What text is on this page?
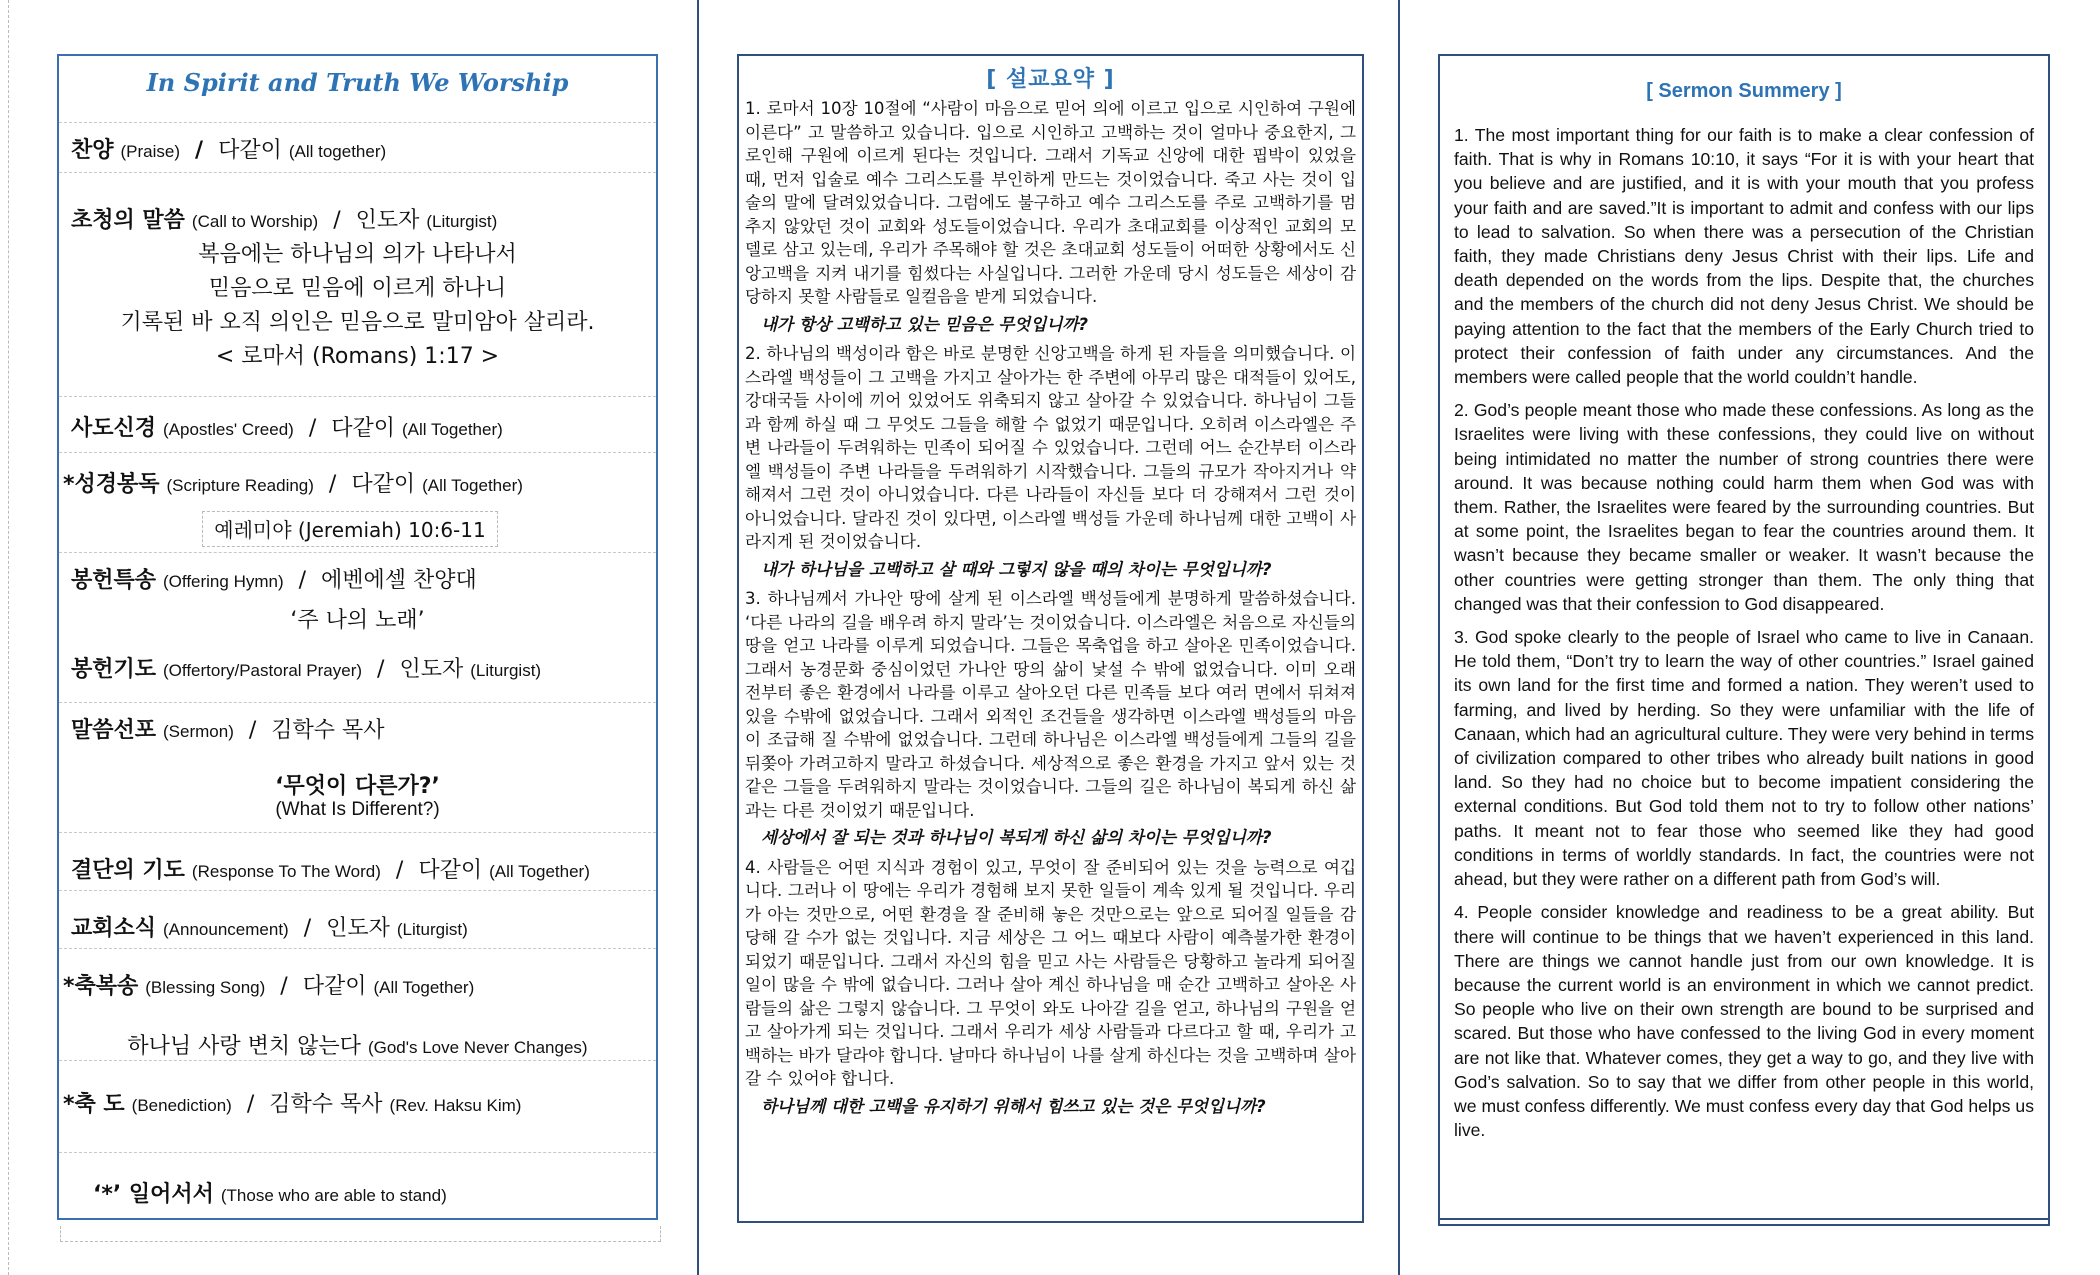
In Spirit and Truth We Worship
찬양 (Praise) / 다같이 (All together)
초청의 말씀 (Call to Worship) / 인도자 (Liturgist)
복음에는 하나님의 의가 나타나서
믿음으로 믿음에 이르게 하나니
기록된 바 오직 의인은 믿음으로 말미암아 살리라.
< 로마서 (Romans) 1:17 >
사도신경 (Apostles' Creed) / 다같이 (All Together)
*성경봉독 (Scripture Reading) / 다같이 (All Together)
예레미야 (Jeremiah) 10:6-11
봉헌특송 (Offering Hymn) / 에벤에셀 찬양대
‘주 나의 노래’
봉헌기도 (Offertory/Pastoral Prayer) / 인도자 (Liturgist)
말씀선포 (Sermon) / 김학수 목사
‘무엇이 다른가?’
(What Is Different?)
결단의 기도 (Response To The Word) / 다같이 (All Together)
교회소식 (Announcement) / 인도자 (Liturgist)
*축복송 (Blessing Song) / 다같이 (All Together)
하나님 사랑 변치 않는다 (God's Love Never Changes)
*축 도 (Benediction) / 김학수 목사 (Rev. Haksu Kim)
‘*’ 일어서서 (Those who are able to stand)
[ 설교요약 ]

1. 로마서 10장 10절에 “사람이 마음으로 믿어 의에 이르고 입으로 시인하여 구원에 이른다” 고 말씀하고 있습니다. 입으로 시인하고 고백하는 것이 얼마나 중요한지, 그로인해 구원에 이르게 된다는 것입니다. 그래서 기독교 신앙에 대한 핍박이 있었을 때, 먼저 입술로 예수 그리스도를 부인하게 만드는 것이었습니다. 죽고 사는 것이 입술의 말에 달려있었습니다. 그럼에도 불구하고 예수 그리스도를 주로 고백하기를 멈추지 않았던 것이 교회와 성도들이었습니다. 우리가 초대교회를 이상적인 교회의 모델로 삼고 있는데, 우리가 주목해야 할 것은 초대교회 성도들이 어떠한 상황에서도 신앙고백을 지켜 내기를 힘썼다는 사실입니다. 그러한 가운데 당시 성도들은 세상이 감당하지 못할 사람들로 일컬음을 받게 되었습니다.

내가 항상 고백하고 있는 믿음은 무엇입니까?

2. 하나님의 백성이라 함은 바로 분명한 신앙고백을 하게 된 자들을 의미했습니다. 이스라엘 백성들이 그 고백을 가지고 살아가는 한 주변에 아무리 많은 대적들이 있어도, 강대국들 사이에 끼어 있었어도 위축되지 않고 살아갈 수 있었습니다. 하나님이 그들과 함께 하실 때 그 무엇도 그들을 해할 수 없었기 때문입니다. 오히려 이스라엘은 주변 나라들이 두려워하는 민족이 되어질 수 있었습니다. 그런데 어느 순간부터 이스라엘 백성들이 주변 나라들을 두려워하기 시작했습니다. 그들의 규모가 작아지거나 약해져서 그런 것이 아니었습니다. 다른 나라들이 자신들 보다 더 강해져서 그런 것이 아니었습니다. 달라진 것이 있다면, 이스라엘 백성들 가운데 하나님께 대한 고백이 사라지게 된 것이었습니다.

내가 하나님을 고백하고 살 때와 그렇지 않을 때의 차이는 무엇입니까?

3. 하나님께서 가나안 땅에 살게 된 이스라엘 백성들에게 분명하게 말씀하셨습니다. ‘다른 나라의 길을 배우려 하지 말라’는 것이었습니다. 이스라엘은 처음으로 자신들의 땅을 얻고 나라를 이루게 되었습니다. 그들은 목축업을 하고 살아온 민족이었습니다. 그래서 농경문화 중심이었던 가나안 땅의 삶이 낯설 수 밖에 없었습니다. 이미 오래 전부터 좋은 환경에서 나라를 이루고 살아오던 다른 민족들 보다 여러 면에서 뒤쳐져 있을 수밖에 없었습니다. 그래서 외적인 조건들을 생각하면 이스라엘 백성들의 마음이 조급해 질 수밖에 없었습니다. 그런데 하나님은 이스라엘 백성들에게 그들의 길을 뒤쫒아 가려고하지 말라고 하셨습니다. 세상적으로 좋은 환경을 가지고 앞서 있는 것 같은 그들을 두려워하지 말라는 것이었습니다. 그들의 길은 하나님이 복되게 하신 삶과는 다른 것이었기 때문입니다.

세상에서 잘 되는 것과 하나님이 복되게 하신 삶의 차이는 무엇입니까?

4. 사람들은 어떤 지식과 경험이 있고, 무엇이 잘 준비되어 있는 것을 능력으로 여깁니다. 그러나 이 땅에는 우리가 경험해 보지 못한 일들이 계속 있게 될 것입니다. 우리가 아는 것만으로, 어떤 환경을 잘 준비해 놓은 것만으로는 앞으로 되어질 일들을 감당해 갈 수가 없는 것입니다. 지금 세상은 그 어느 때보다 사람이 예측불가한 환경이 되었기 때문입니다. 그래서 자신의 힘을 믿고 사는 사람들은 당황하고 놀라게 되어질 일이 많을 수 밖에 없습니다. 그러나 살아 계신 하나님을 매 순간 고백하고 살아온 사람들의 삶은 그렇지 않습니다. 그 무엇이 와도 나아갈 길을 얻고, 하나님의 구원을 얻고 살아가게 되는 것입니다. 그래서 우리가 세상 사람들과 다르다고 할 때, 우리가 고백하는 바가 달라야 합니다. 날마다 하나님이 나를 살게 하신다는 것을 고백하며 살아 갈 수 있어야 합니다.

하나님께 대한 고백을 유지하기 위해서 힘쓰고 있는 것은 무엇입니까?
[ Sermon Summery ]

1. The most important thing for our faith is to make a clear confession of faith. That is why in Romans 10:10, it says “For it is with your heart that you believe and are justified, and it is with your mouth that you profess your faith and are saved.”It is important to admit and confess with our lips to lead to salvation. So when there was a persecution of the Christian faith, they made Christians deny Jesus Christ with their lips. Life and death depended on the words from the lips. Despite that, the churches and the members of the church did not deny Jesus Christ. We should be paying attention to the fact that the members of the Early Church tried to protect their confession of faith under any circumstances. And the members were called people that the world couldn’t handle.

2. God’s people meant those who made these confessions. As long as the Israelites were living with these confessions, they could live on without being intimidated no matter the number of strong countries there were around. It was because nothing could harm them when God was with them. Rather, the Israelites were feared by the surrounding countries. But at some point, the Israelites began to fear the countries around them. It wasn’t because they became smaller or weaker. It wasn’t because the other countries were getting stronger than them. The only thing that changed was that their confession to God disappeared.

3. God spoke clearly to the people of Israel who came to live in Canaan. He told them, “Don’t try to learn the way of other countries.” Israel gained its own land for the first time and formed a nation. They weren’t used to farming, and lived by herding. So they were unfamiliar with the life of Canaan, which had an agricultural culture. They were very behind in terms of civilization compared to other tribes who already built nations in good land. So they had no choice but to become impatient considering the external conditions. But God told them not to try to follow other nations’ paths. It meant not to fear those who seemed like they had good conditions in terms of worldly standards. In fact, the countries were not ahead, but they were rather on a different path from God’s will.

4. People consider knowledge and readiness to be a great ability. But there will continue to be things that we haven’t experienced in this land. There are things we cannot handle just from our own knowledge. It is because the current world is an environment in which we cannot predict. So people who live on their own strength are bound to be surprised and scared. But those who have confessed to the living God in every moment are not like that. Whatever comes, they get a way to go, and they live with God’s salvation. So to say that we differ from other people in this world, we must confess differently. We must confess every day that God helps us live.
